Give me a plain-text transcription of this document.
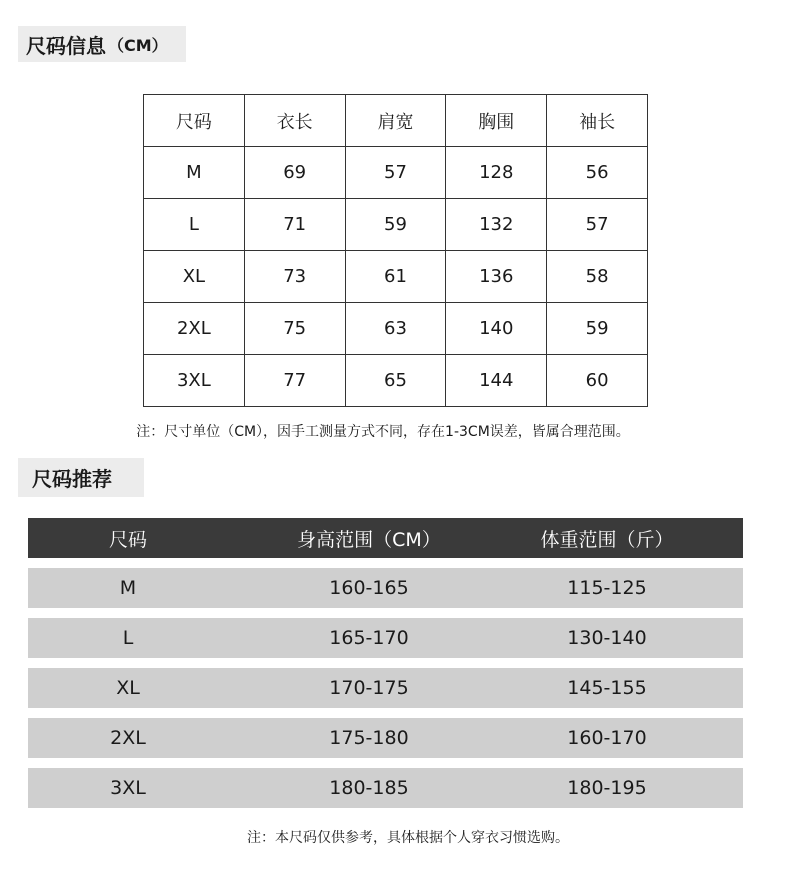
尺码信息 （CM）
尺码	衣长	肩宽	胸围	袖长
M	69	57	128	56
L	71	59	132	57
XL	73	61	136	58
2XL	75	63	140	59
3XL	77	65	144	60
注：尺寸单位（CM），因手工测量方式不同，存在1-3CM误差，皆属合理范围。
尺码推荐
尺码	身高范围（CM）	体重范围（斤）
M	160-165	115-125
L	165-170	130-140
XL	170-175	145-155
2XL	175-180	160-170
3XL	180-185	180-195
注：本尺码仅供参考，具体根据个人穿衣习惯选购。
